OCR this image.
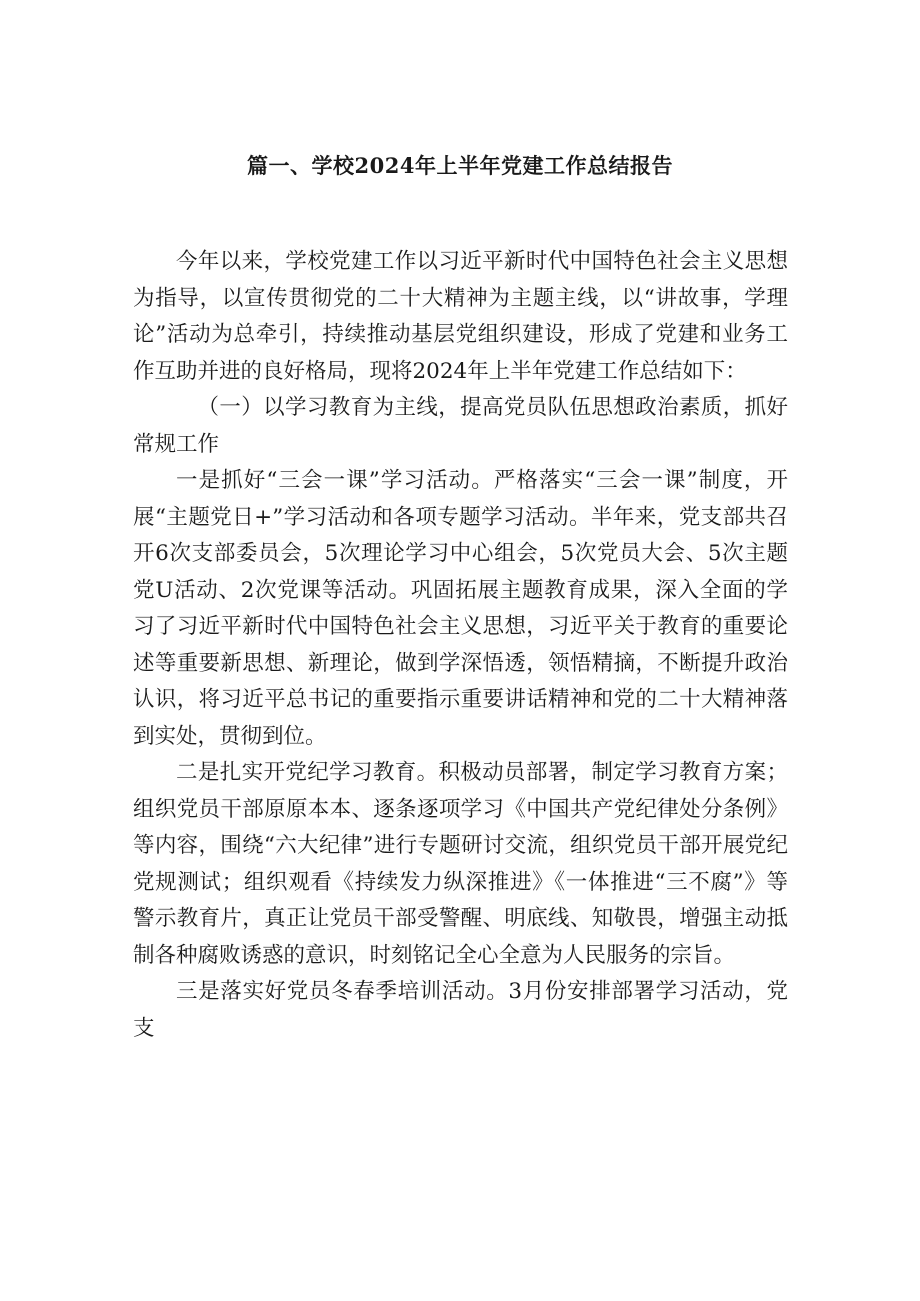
篇一、学校2024年上半年党建工作总结报告

今年以来，学校党建工作以习近平新时代中国特色社会主义思想为指导，以宣传贯彻党的二十大精神为主题主线，以“讲故事，学理论”活动为总牵引，持续推动基层党组织建设，形成了党建和业务工作互助并进的良好格局，现将2024年上半年党建工作总结如下：

（一）以学习教育为主线，提高党员队伍思想政治素质，抓好常规工作

一是抓好“三会一课”学习活动。严格落实“三会一课”制度，开展“主题党日+”学习活动和各项专题学习活动。半年来，党支部共召开6次支部委员会，5次理论学习中心组会，5次党员大会、5次主题党U活动、2次党课等活动。巩固拓展主题教育成果，深入全面的学习了习近平新时代中国特色社会主义思想，习近平关于教育的重要论述等重要新思想、新理论，做到学深悟透，领悟精摘，不断提升政治认识，将习近平总书记的重要指示重要讲话精神和党的二十大精神落到实处，贯彻到位。

二是扎实开党纪学习教育。积极动员部署，制定学习教育方案；组织党员干部原原本本、逐条逐项学习《中国共产党纪律处分条例》等内容，围绕“六大纪律”进行专题研讨交流，组织党员干部开展党纪党规测试；组织观看《持续发力纵深推进》《一体推进“三不腐”》等警示教育片，真正让党员干部受警醒、明底线、知敬畏，增强主动抵制各种腐败诱惑的意识，时刻铭记全心全意为人民服务的宗旨。

三是落实好党员冬春季培训活动。3月份安排部署学习活动，党支
